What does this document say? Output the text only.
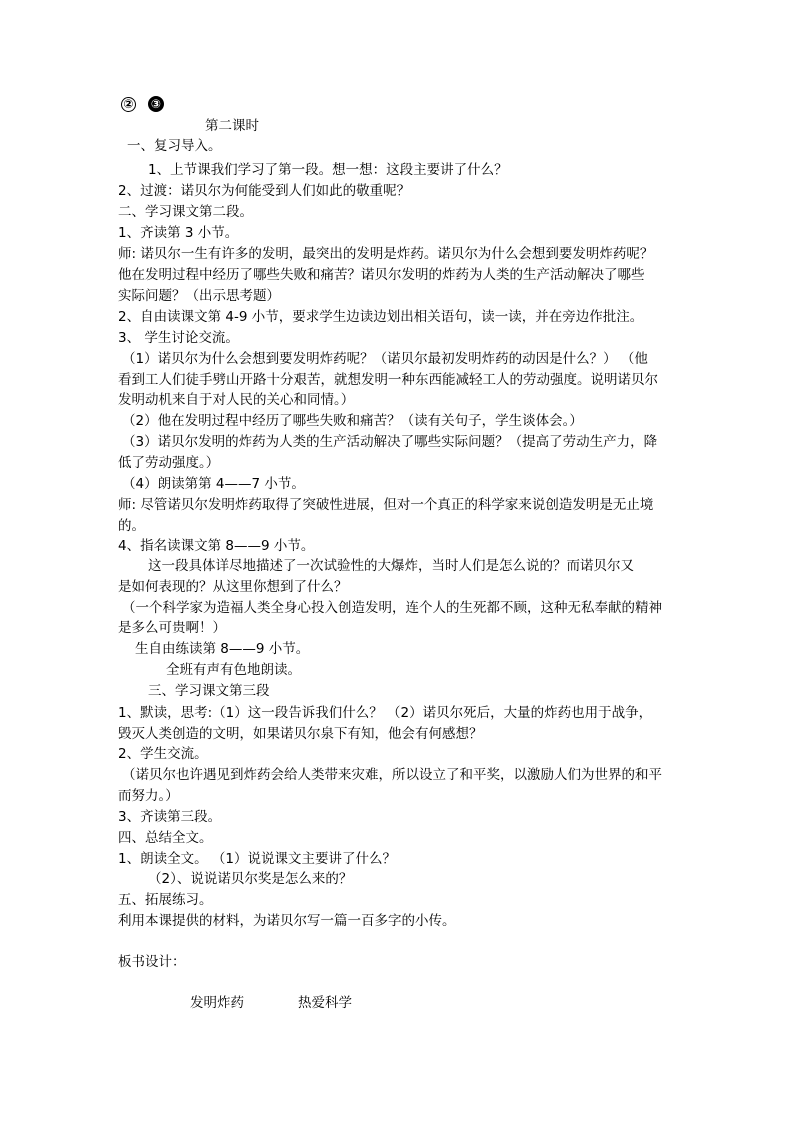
② ③
第二课时
一、复习导入。
1、上节课我们学习了第一段。想一想：这段主要讲了什么？
2、过渡：诺贝尔为何能受到人们如此的敬重呢？
二、学习课文第二段。
1、齐读第 3 小节。
师: 诺贝尔一生有许多的发明，最突出的发明是炸药。诺贝尔为什么会想到要发明炸药呢？
他在发明过程中经历了哪些失败和痛苦？诺贝尔发明的炸药为人类的生产活动解决了哪些
实际问题？（出示思考题）
2、自由读课文第 4-9 小节，要求学生边读边划出相关语句，读一读，并在旁边作批注。
3、 学生讨论交流。
（1）诺贝尔为什么会想到要发明炸药呢？（诺贝尔最初发明炸药的动因是什么？） （他
看到工人们徒手劈山开路十分艰苦，就想发明一种东西能减轻工人的劳动强度。说明诺贝尔
发明动机来自于对人民的关心和同情。）
（2）他在发明过程中经历了哪些失败和痛苦？（读有关句子，学生谈体会。）
（3）诺贝尔发明的炸药为人类的生产活动解决了哪些实际问题？（提高了劳动生产力，降
低了劳动强度。）
（4）朗读第第 4——7 小节。
师: 尽管诺贝尔发明炸药取得了突破性进展，但对一个真正的科学家来说创造发明是无止境
的。
4、指名读课文第 8——9 小节。
这一段具体详尽地描述了一次试验性的大爆炸，当时人们是怎么说的？而诺贝尔又
是如何表现的？从这里你想到了什么？
（一个科学家为造福人类全身心投入创造发明，连个人的生死都不顾，这种无私奉献的精神
是多么可贵啊！）
生自由练读第 8——9 小节。
全班有声有色地朗读。
三、学习课文第三段
1、默读，思考:（1）这一段告诉我们什么？ （2）诺贝尔死后，大量的炸药也用于战争，
毁灭人类创造的文明，如果诺贝尔泉下有知，他会有何感想？
2、学生交流。
（诺贝尔也许遇见到炸药会给人类带来灾难，所以设立了和平奖，以激励人们为世界的和平
而努力。）
3、齐读第三段。
四、总结全文。
1、朗读全文。 （1）说说课文主要讲了什么？
（2）、说说诺贝尔奖是怎么来的？
五、拓展练习。
利用本课提供的材料，为诺贝尔写一篇一百多字的小传。
板书设计：
发明炸药	热爱科学
